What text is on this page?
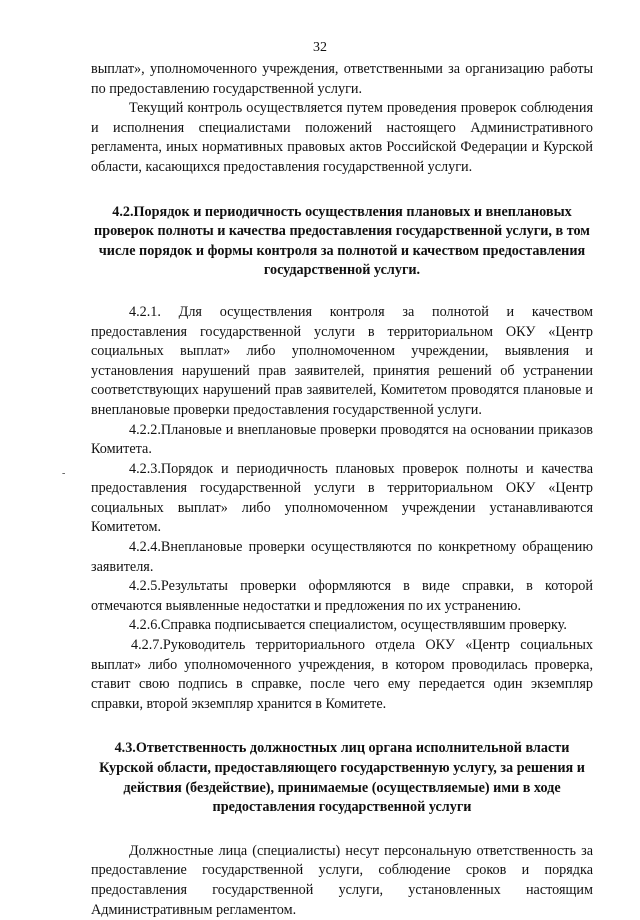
32
-

выплат», уполномоченного учреждения, ответственными за организацию работы по предоставлению государственной услуги.

Текущий контроль осуществляется путем проведения проверок соблюдения и исполнения специалистами положений настоящего Административного регламента, иных нормативных правовых актов Российской Федерации и Курской области, касающихся предоставления государственной услуги.

4.2.Порядок и периодичность осуществления плановых и внеплановых проверок полноты и качества предоставления государственной услуги, в том числе порядок и формы контроля за полнотой и качеством предоставления государственной услуги.

4.2.1. Для осуществления контроля за полнотой и качеством предоставления государственной услуги в территориальном ОКУ «Центр социальных выплат» либо уполномоченном учреждении, выявления и установления нарушений прав заявителей, принятия решений об устранении соответствующих нарушений прав заявителей, Комитетом проводятся плановые и внеплановые проверки предоставления государственной услуги.

4.2.2.Плановые и внеплановые проверки проводятся на основании приказов Комитета.

4.2.3.Порядок и периодичность плановых проверок полноты и качества предоставления государственной услуги в территориальном ОКУ «Центр социальных выплат» либо уполномоченном учреждении устанавливаются Комитетом.

4.2.4.Внеплановые проверки осуществляются по конкретному обращению заявителя.

4.2.5.Результаты проверки оформляются в виде справки, в которой отмечаются выявленные недостатки и предложения по их устранению.

4.2.6.Справка подписывается специалистом, осуществлявшим проверку.

4.2.7.Руководитель территориального отдела ОКУ «Центр социальных выплат» либо уполномоченного учреждения, в котором проводилась проверка, ставит свою подпись в справке, после чего ему передается один экземпляр справки, второй экземпляр хранится в Комитете.

4.3.Ответственность должностных лиц органа исполнительной власти Курской области, предоставляющего государственную услугу, за решения и действия (бездействие), принимаемые (осуществляемые) ими в ходе предоставления государственной услуги

Должностные лица (специалисты) несут персональную ответственность за предоставление государственной услуги, соблюдение сроков и порядка предоставления государственной услуги, установленных настоящим Административным регламентом.
